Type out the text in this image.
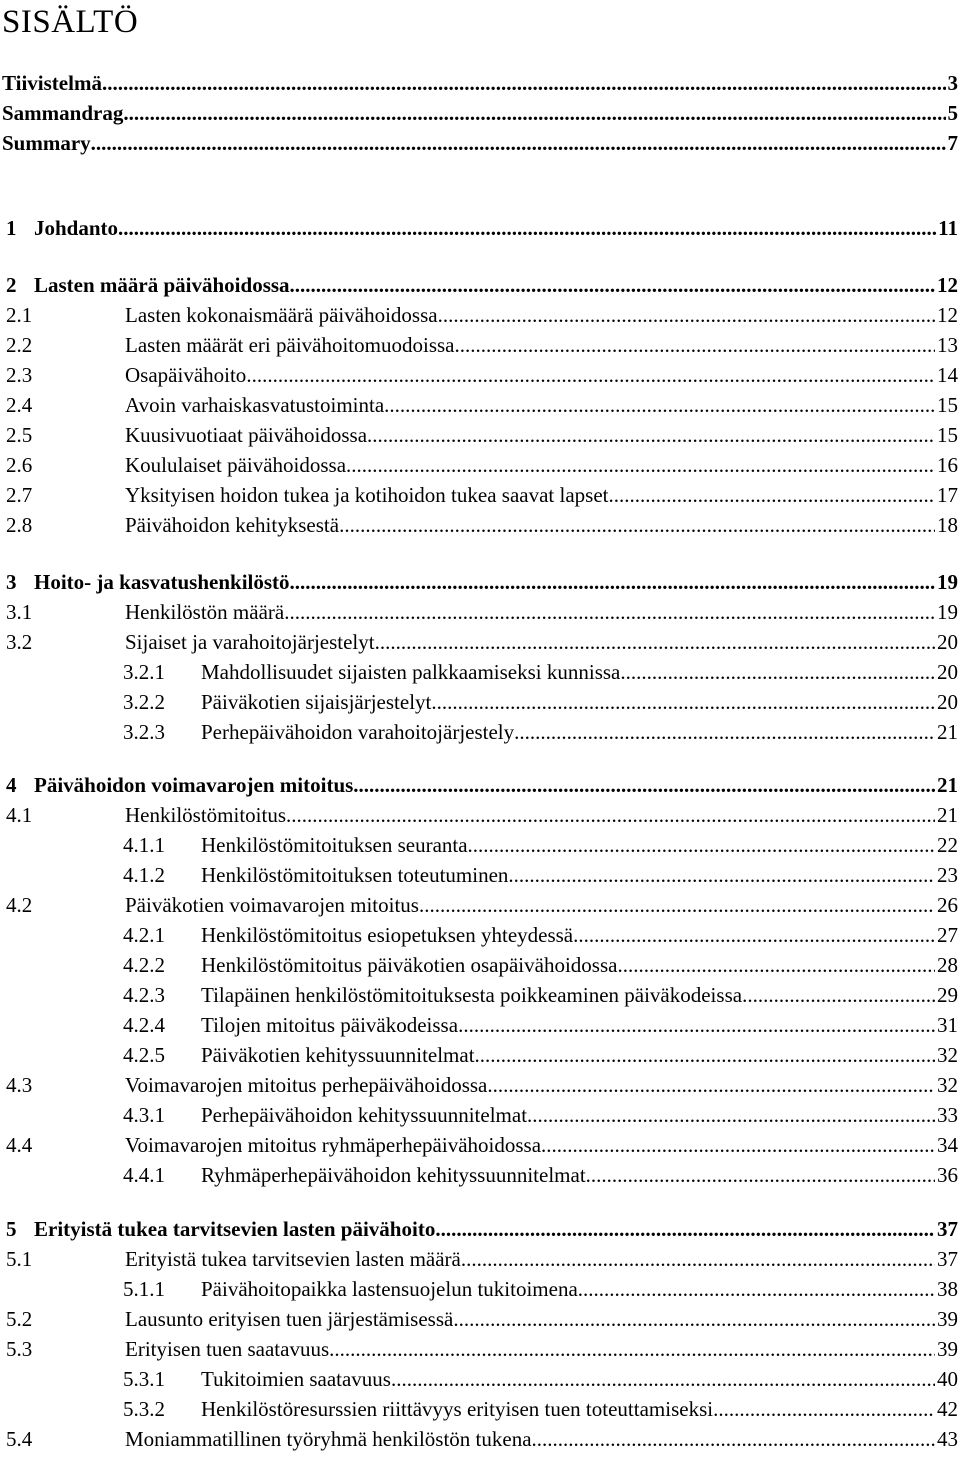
SISÄLTÖ
Tiivistelmä .....	3
Sammandrag .....	5
Summary .....	7
1 Johdanto .....	11
2 Lasten määrä päivähoidossa .....	12
2.1	Lasten kokonaismäärä päivähoidossa .....	12
2.2	Lasten määrät eri päivähoitomuodoissa .....	13
2.3	Osapäivähoito .....	14
2.4	Avoin varhaiskasvatustoiminta .....	15
2.5	Kuusivuotiaat päivähoidossa .....	15
2.6	Koululaiset päivähoidossa .....	16
2.7	Yksityisen hoidon tukea ja kotihoidon tukea saavat lapset .....	17
2.8	Päivähoidon kehityksestä .....	18
3 Hoito- ja kasvatushenkilöstö .....	19
3.1	Henkilöstön määrä .....	19
3.2	Sijaiset ja varahoitojärjestelyt .....	20
3.2.1 Mahdollisuudet sijaisten palkkaamiseksi kunnissa .....	20
3.2.2 Päiväkotien sijaisjärjestelyt .....	20
3.2.3 Perhepäivähoidon varahoitojärjestely .....	21
4 Päivähoidon voimavarojen mitoitus .....	21
4.1	Henkilöstömitoitus .....	21
4.1.1 Henkilöstömitoituksen seuranta .....	22
4.1.2 Henkilöstömitoituksen toteutuminen .....	23
4.2	Päiväkotien voimavarojen mitoitus .....	26
4.2.1 Henkilöstömitoitus esiopetuksen yhteydessä .....	27
4.2.2 Henkilöstömitoitus päiväkotien osapäivähoidossa .....	28
4.2.3 Tilapäinen henkilöstömitoituksesta poikkeaminen päiväkodeissa .....	29
4.2.4 Tilojen mitoitus päiväkodeissa .....	31
4.2.5 Päiväkotien kehityssuunnitelmat .....	32
4.3	Voimavarojen mitoitus perhepäivähoidossa .....	32
4.3.1 Perhepäivähoidon kehityssuunnitelmat .....	33
4.4	Voimavarojen mitoitus ryhmäperhepäivähoidossa .....	34
4.4.1 Ryhmäperhepäivähoidon kehityssuunnitelmat .....	36
5 Erityistä tukea tarvitsevien lasten päivähoito .....	37
5.1	Erityistä tukea tarvitsevien lasten määrä .....	37
5.1.1 Päivähoitopaikka lastensuojelun tukitoimena .....	38
5.2	Lausunto erityisen tuen järjestämisessä .....	39
5.3	Erityisen tuen saatavuus .....	39
5.3.1 Tukitoimien saatavuus .....	40
5.3.2 Henkilöstöresurssien riittävyys erityisen tuen toteuttamiseksi .....	42
5.4	Moniammatillinen työryhmä henkilöstön tukena .....	43
